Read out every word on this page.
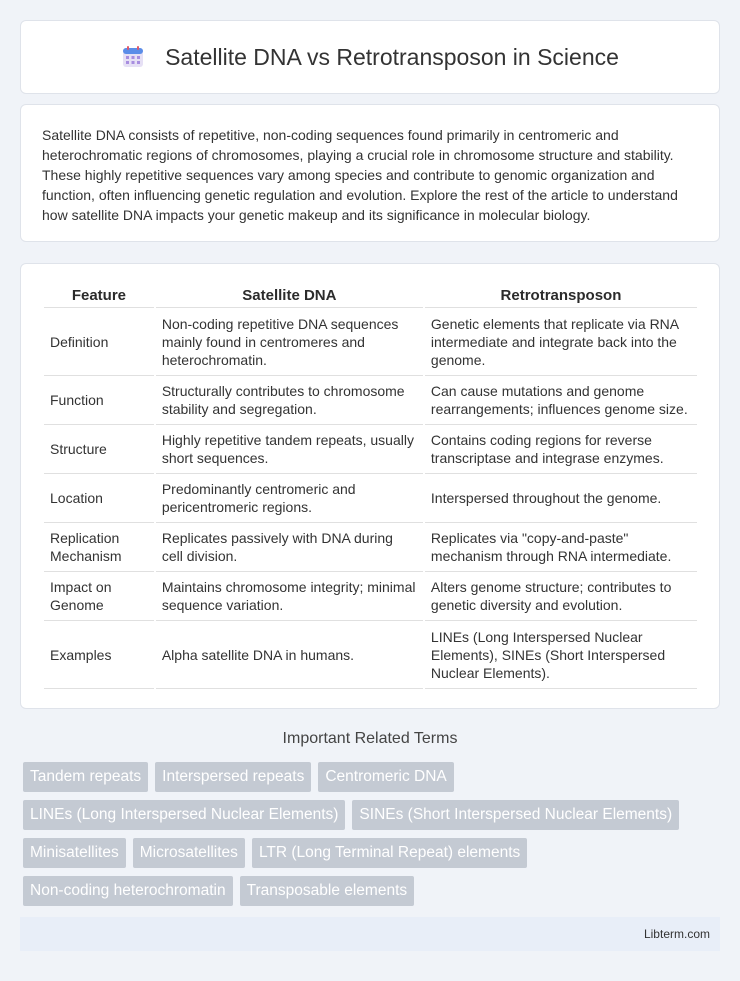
Satellite DNA vs Retrotransposon in Science

Satellite DNA consists of repetitive, non-coding sequences found primarily in centromeric and heterochromatic regions of chromosomes, playing a crucial role in chromosome structure and stability. These highly repetitive sequences vary among species and contribute to genomic organization and function, often influencing genetic regulation and evolution. Explore the rest of the article to understand how satellite DNA impacts your genetic makeup and its significance in molecular biology.

Feature	Satellite DNA	Retrotransposon
Definition	Non-coding repetitive DNA sequences mainly found in centromeres and heterochromatin.	Genetic elements that replicate via RNA intermediate and integrate back into the genome.
Function	Structurally contributes to chromosome stability and segregation.	Can cause mutations and genome rearrangements; influences genome size.
Structure	Highly repetitive tandem repeats, usually short sequences.	Contains coding regions for reverse transcriptase and integrase enzymes.
Location	Predominantly centromeric and pericentromeric regions.	Interspersed throughout the genome.
Replication Mechanism	Replicates passively with DNA during cell division.	Replicates via "copy-and-paste" mechanism through RNA intermediate.
Impact on Genome	Maintains chromosome integrity; minimal sequence variation.	Alters genome structure; contributes to genetic diversity and evolution.
Examples	Alpha satellite DNA in humans.	LINEs (Long Interspersed Nuclear Elements), SINEs (Short Interspersed Nuclear Elements).
Important Related Terms
Tandem repeats	Interspersed repeats	Centromeric DNA
LINEs (Long Interspersed Nuclear Elements)	SINEs (Short Interspersed Nuclear Elements)
Minisatellites	Microsatellites	LTR (Long Terminal Repeat) elements
Non-coding heterochromatin	Transposable elements
Libterm.com
